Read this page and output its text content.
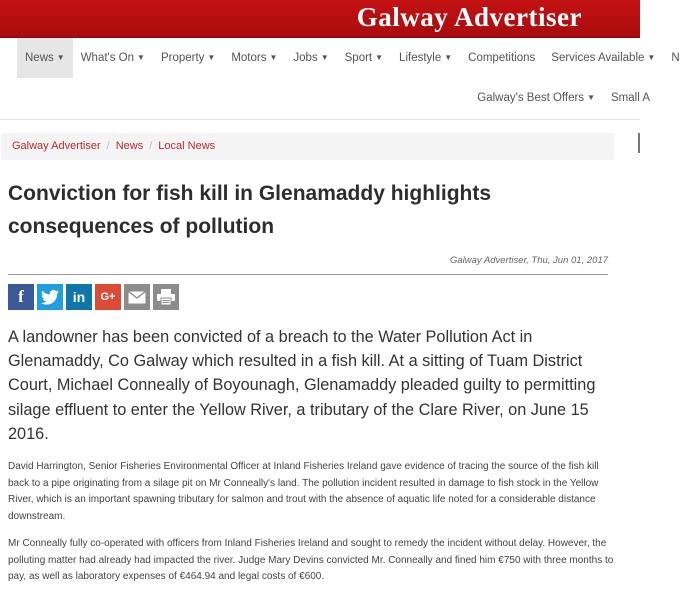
Galway Advertiser
News ▼	What's On ▼	Property ▼	Motors ▼	Jobs ▼	Sport ▼	Lifestyle ▼	Competitions	Services Available ▼	N
Galway's Best Offers ▼	Small A
Galway Advertiser / News / Local News
Conviction for fish kill in Glenamaddy highlights consequences of pollution
Galway Advertiser, Thu, Jun 01, 2017
f	in	G+

A landowner has been convicted of a breach to the Water Pollution Act in Glenamaddy, Co Galway which resulted in a fish kill. At a sitting of Tuam District Court, Michael Conneally of Boyounagh, Glenamaddy pleaded guilty to permitting silage effluent to enter the Yellow River, a tributary of the Clare River, on June 15 2016.

David Harrington, Senior Fisheries Environmental Officer at Inland Fisheries Ireland gave evidence of tracing the source of the fish kill back to a pipe originating from a silage pit on Mr Conneally's land. The pollution incident resulted in damage to fish stock in the Yellow River, which is an important spawning tributary for salmon and trout with the absence of aquatic life noted for a considerable distance downstream.

Mr Conneally fully co-operated with officers from Inland Fisheries Ireland and sought to remedy the incident without delay. However, the polluting matter had already had impacted the river. Judge Mary Devins convicted Mr. Conneally and fined him €750 with three months to pay, as well as laboratory expenses of €464.94 and legal costs of €600.
